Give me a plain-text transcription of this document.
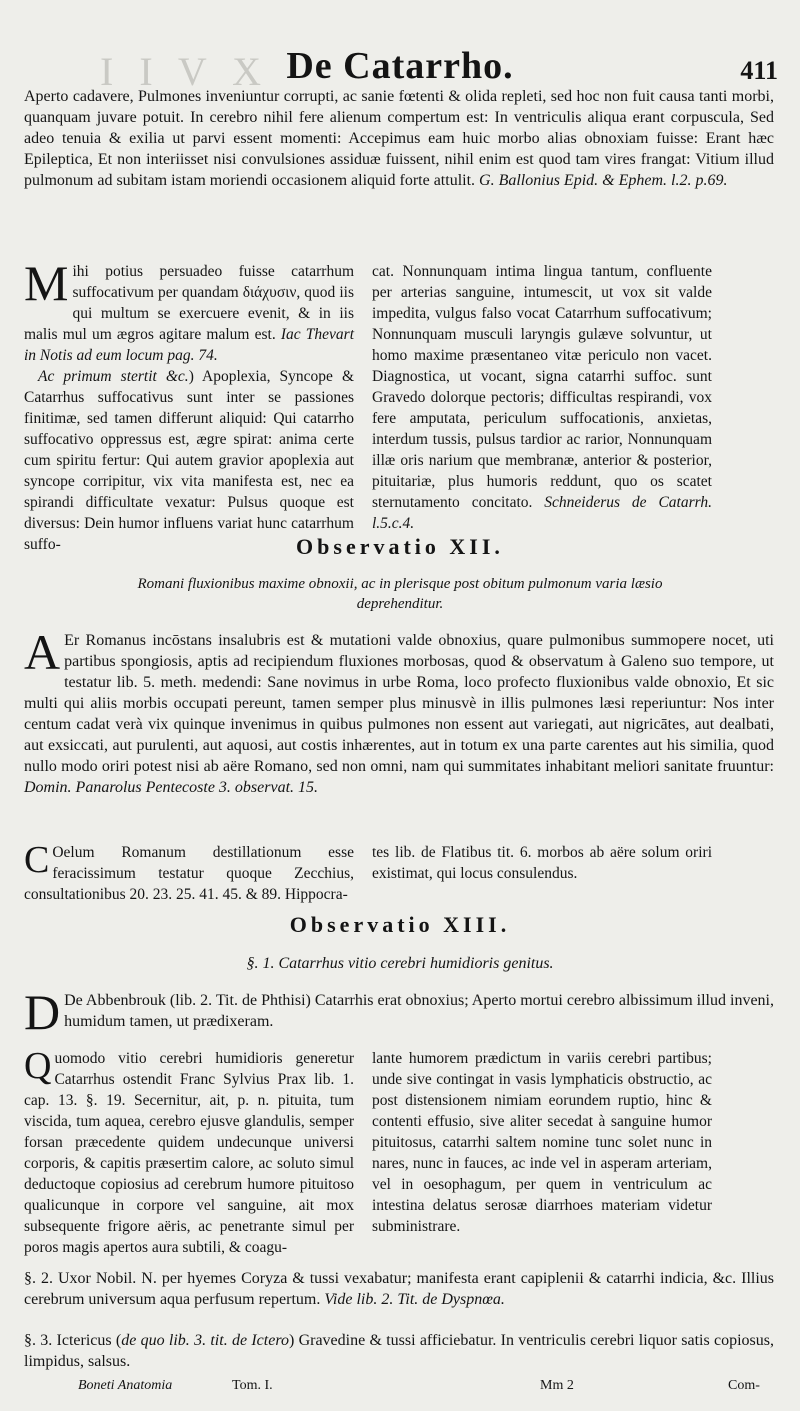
I I V X De Catarrho.	411

Aperto cadavere, Pulmones inveniuntur corrupti, ac sanie fœtenti & olida repleti, sed hoc non fuit causa tanti morbi, quanquam juvare potuit. In cerebro nihil fere alienum compertum est: In ventriculis aliqua erant corpuscula, Sed adeo tenuia & exilia ut parvi essent momenti: Accepimus eam huic morbo alias obnoxiam fuisse: Erant hæc Epileptica, Et non interiisset nisi convulsiones assiduæ fuissent, nihil enim est quod tam vires frangat: Vitium illud pulmonum ad subitam istam moriendi occasionem aliquid forte attulit. G. Ballonius Epid. & Ephem. l.2. p.69.

Mihi potius persuadeo fuisse catarrhum suffocativum per quandam διάχυσιν, quod iis qui multum se exercuere evenit, & in iis malis mul um ægros agitare malum est. Iac Thevart in Notis ad eum locum pag. 74.

Ac primum stertit &c.) Apoplexia, Syncope & Catarrhus suffocativus sunt inter se passiones finitimæ, sed tamen differunt aliquid: Qui catarrho suffocativo oppressus est, ægre spirat: anima certe cum spiritu fertur: Qui autem gravior apoplexia aut syncope corripitur, vix vita manifesta est, nec ea spirandi difficultate vexatur: Pulsus quoque est diversus: Dein humor influens variat hunc catarrhum suffo-

cat. Nonnunquam intima lingua tantum, confluente per arterias sanguine, intumescit, ut vox sit valde impedita, vulgus falso vocat Catarrhum suffocativum; Nonnunquam musculi laryngis gulæve solvuntur, ut homo maxime præsentaneo vitæ periculo non vacet. Diagnostica, ut vocant, signa catarrhi suffoc. sunt Gravedo dolorque pectoris; difficultas respirandi, vox fere amputata, periculum suffocationis, anxietas, interdum tussis, pulsus tardior ac rarior, Nonnunquam illæ oris narium que membranæ, anterior & posterior, pituitariæ, plus humoris reddunt, quo os scatet sternutamento concitato. Schneiderus de Catarrh. l.5.c.4.

Observatio XII.
Romani fluxionibus maxime obnoxii, ac in plerisque post obitum pulmonum varia læsio deprehenditur.

A Er Romanus incōstans insalubris est & mutationi valde obnoxius, quare pulmonibus summopere nocet, uti partibus spongiosis, aptis ad recipiendum fluxiones morbosas, quod & observatum à Galeno suo tempore, ut testatur lib. 5. meth. medendi: Sane novimus in urbe Roma, loco profecto fluxionibus valde obnoxio, Et sic multi qui aliis morbis occupati pereunt, tamen semper plus minusvè in illis pulmones læsi reperiuntur: Nos inter centum cadat verà vix quinque invenimus in quibus pulmones non essent aut variegati, aut nigricātes, aut dealbati, aut exsiccati, aut purulenti, aut aquosi, aut costis inhærentes, aut in totum ex una parte carentes aut his similia, quod nullo modo oriri potest nisi ab aëre Romano, sed non omni, nam qui summitates inhabitant meliori sanitate fruuntur: Domin. Panarolus Pentecoste 3. observat. 15.

C Oelum Romanum destillationum esse feracissimum testatur quoque Zecchius, consultationibus 20. 23. 25. 41. 45. & 89. Hippocra-

tes lib. de Flatibus tit. 6. morbos ab aëre solum oriri existimat, qui locus consulendus.

Observatio XIII.
§. 1. Catarrhus vitio cerebri humidioris genitus.

D De Abbenbrouk (lib. 2. Tit. de Phthisi) Catarrhis erat obnoxius; Aperto mortui cerebro albissimum illud inveni, humidum tamen, ut prædixeram.

Quomodo vitio cerebri humidioris generetur Catarrhus ostendit Franc Sylvius Prax lib. 1. cap. 13. §. 19. Secernitur, ait, p. n. pituita, tum viscida, tum aquea, cerebro ejusve glandulis, semper forsan præcedente quidem undecunque universi corporis, & capitis præsertim calore, ac soluto simul deductoque copiosius ad cerebrum humore pituitoso qualicunque in corpore vel sanguine, ait mox subsequente frigore aëris, ac penetrante simul per poros magis apertos aura subtili, & coagu-

lante humorem prædictum in variis cerebri partibus; unde sive contingat in vasis lymphaticis obstructio, ac post distensionem nimiam eorundem ruptio, hinc & contenti effusio, sive aliter secedat à sanguine humor pituitosus, catarrhi saltem nomine tunc solet nunc in nares, nunc in fauces, ac inde vel in asperam arteriam, vel in oesophagum, per quem in ventriculum ac intestina delatus serosæ diarrhoes materiam videtur subministrare.

§. 2. Uxor Nobil. N. per hyemes Coryza & tussi vexabatur; manifesta erant capiplenii & catarrhi indicia, &c. Illius cerebrum universum aqua perfusum repertum. Vide lib. 2. Tit. de Dyspnœa.

§. 3. Ictericus (de quo lib. 3. tit. de Ictero) Gravedine & tussi afficiebatur. In ventriculis cerebri liquor satis copiosus, limpidus, salsus.

Boneti Anatomia	Tom. I.	Mm 2	Com-
